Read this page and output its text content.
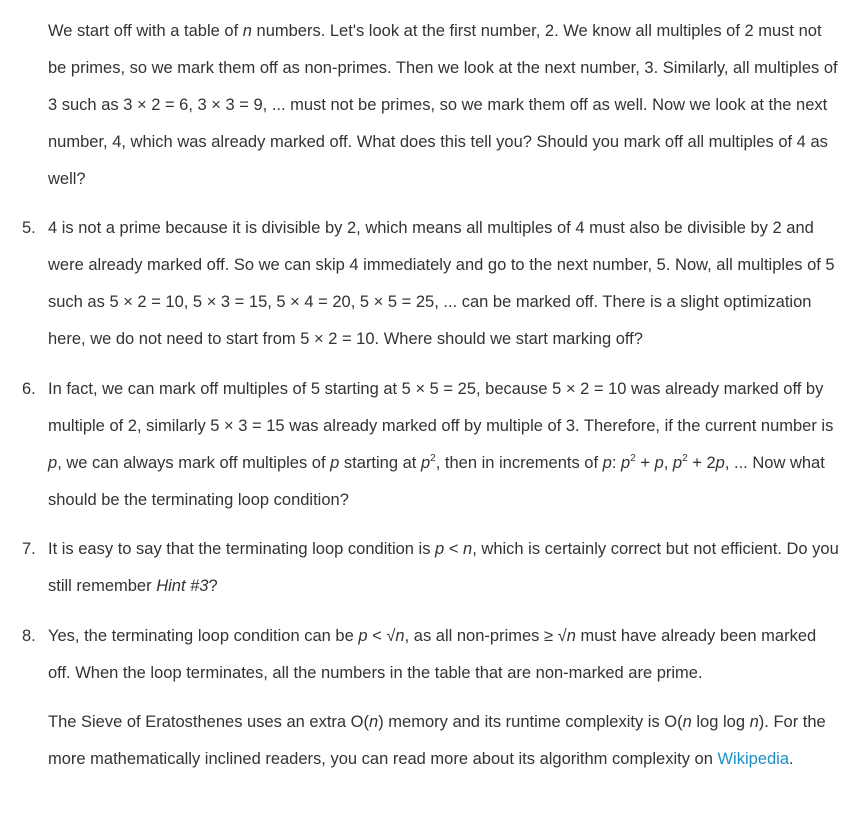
We start off with a table of n numbers. Let's look at the first number, 2. We know all multiples of 2 must not be primes, so we mark them off as non-primes. Then we look at the next number, 3. Similarly, all multiples of 3 such as 3 × 2 = 6, 3 × 3 = 9, ... must not be primes, so we mark them off as well. Now we look at the next number, 4, which was already marked off. What does this tell you? Should you mark off all multiples of 4 as well?

5. 4 is not a prime because it is divisible by 2, which means all multiples of 4 must also be divisible by 2 and were already marked off. So we can skip 4 immediately and go to the next number, 5. Now, all multiples of 5 such as 5 × 2 = 10, 5 × 3 = 15, 5 × 4 = 20, 5 × 5 = 25, ... can be marked off. There is a slight optimization here, we do not need to start from 5 × 2 = 10. Where should we start marking off?

6. In fact, we can mark off multiples of 5 starting at 5 × 5 = 25, because 5 × 2 = 10 was already marked off by multiple of 2, similarly 5 × 3 = 15 was already marked off by multiple of 3. Therefore, if the current number is p, we can always mark off multiples of p starting at $p^2$, then in increments of p: $p^2 + p$, $p^2 + 2p$, ... Now what should be the terminating loop condition?

7. It is easy to say that the terminating loop condition is p < n, which is certainly correct but not efficient. Do you still remember Hint #3?

8. Yes, the terminating loop condition can be p < √n, as all non-primes ≥ √n must have already been marked off. When the loop terminates, all the numbers in the table that are non-marked are prime.

The Sieve of Eratosthenes uses an extra O(n) memory and its runtime complexity is O(n log log n). For the more mathematically inclined readers, you can read more about its algorithm complexity on Wikipedia.
